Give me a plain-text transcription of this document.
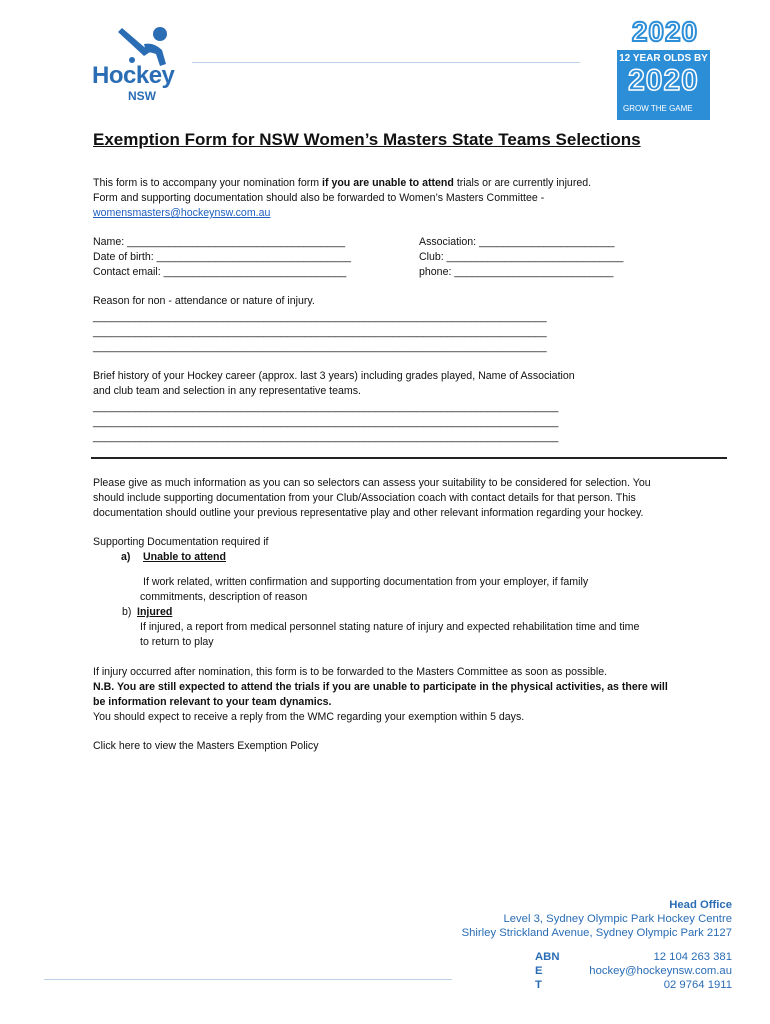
Hockey
NSW
2020
12 YEAR OLDS BY
2020
GROW THE GAME
Exemption Form for NSW Women’s Masters State Teams Selections
This form is to accompany your nomination form if you are unable to attend trials or are currently injured.
Form and supporting documentation should also be forwarded to Women’s Masters Committee -
womensmasters@hockeynsw.com.au
Name: _____________________________________
Date of birth: _________________________________
Contact email: _______________________________
Association: _______________________
Club: ______________________________
phone: ___________________________
Reason for non - attendance or nature of injury.
_____________________________________________________________________________
_____________________________________________________________________________
_____________________________________________________________________________
Brief history of your Hockey career (approx. last 3 years) including grades played, Name of Association
and club team and selection in any representative teams.
_______________________________________________________________________________
_______________________________________________________________________________
_______________________________________________________________________________
Please give as much information as you can so selectors can assess your suitability to be considered for selection. You
should include supporting documentation from your Club/Association coach with contact details for that person. This
documentation should outline your previous representative play and other relevant information regarding your hockey.
Supporting Documentation required if
a) Unable to attend
If work related, written confirmation and supporting documentation from your employer, if family
commitments, description of reason
b) Injured
If injured, a report from medical personnel stating nature of injury and expected rehabilitation time and time
to return to play
If injury occurred after nomination, this form is to be forwarded to the Masters Committee as soon as possible.
N.B. You are still expected to attend the trials if you are unable to participate in the physical activities, as there will
be information relevant to your team dynamics.
You should expect to receive a reply from the WMC regarding your exemption within 5 days.
Click here to view the Masters Exemption Policy
Head Office
Level 3, Sydney Olympic Park Hockey Centre
Shirley Strickland Avenue, Sydney Olympic Park 2127
ABN
E
T
12 104 263 381
hockey@hockeynsw.com.au
02 9764 1911
